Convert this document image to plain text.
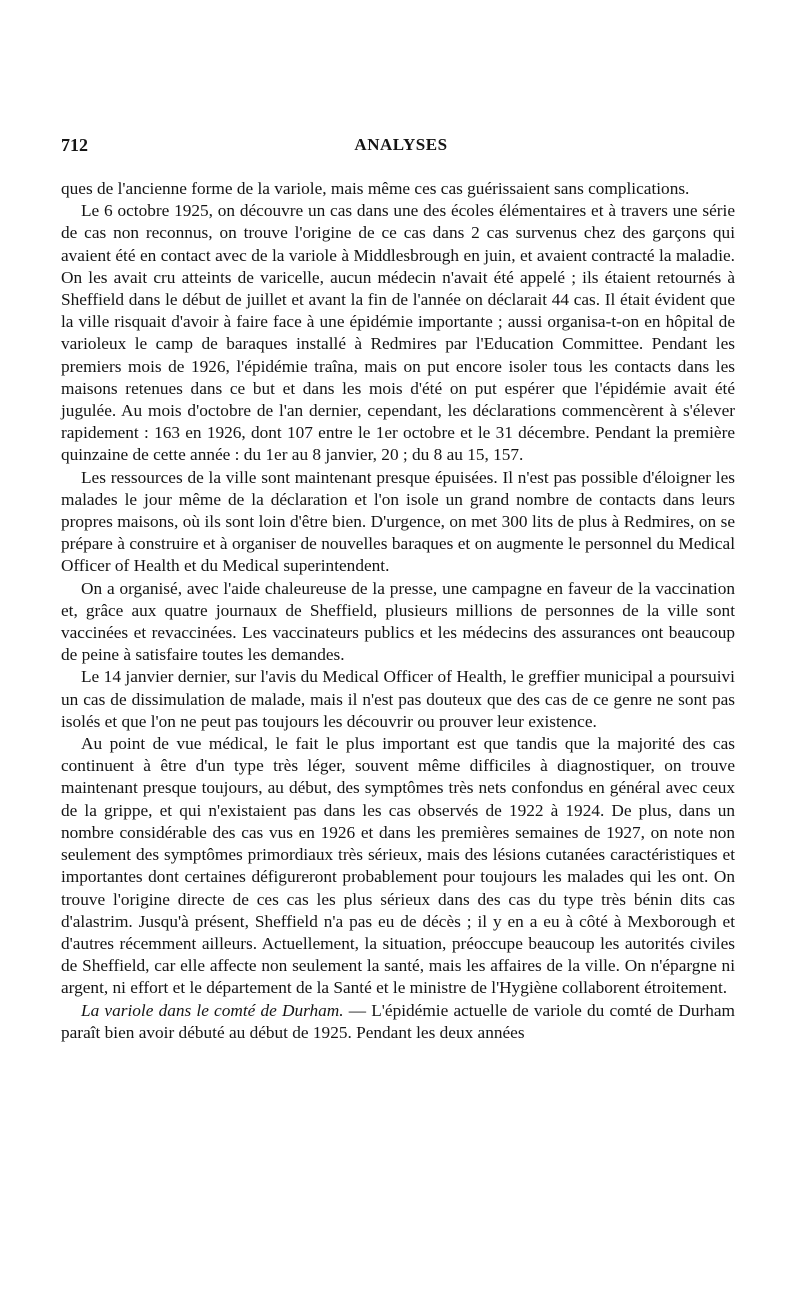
712	ANALYSES

ques de l'ancienne forme de la variole, mais même ces cas guérissaient sans complications.

Le 6 octobre 1925, on découvre un cas dans une des écoles élémentaires et à travers une série de cas non reconnus, on trouve l'origine de ce cas dans 2 cas survenus chez des garçons qui avaient été en contact avec de la variole à Middlesbrough en juin, et avaient contracté la maladie. On les avait cru atteints de varicelle, aucun médecin n'avait été appelé ; ils étaient retournés à Sheffield dans le début de juillet et avant la fin de l'année on déclarait 44 cas. Il était évident que la ville risquait d'avoir à faire face à une épidémie importante ; aussi organisa-t-on en hôpital de varioleux le camp de baraques installé à Redmires par l'Education Committee. Pendant les premiers mois de 1926, l'épidémie traîna, mais on put encore isoler tous les contacts dans les maisons retenues dans ce but et dans les mois d'été on put espérer que l'épidémie avait été jugulée. Au mois d'octobre de l'an dernier, cependant, les déclarations commencèrent à s'élever rapidement : 163 en 1926, dont 107 entre le 1er octobre et le 31 décembre. Pendant la première quinzaine de cette année : du 1er au 8 janvier, 20 ; du 8 au 15, 157.

Les ressources de la ville sont maintenant presque épuisées. Il n'est pas possible d'éloigner les malades le jour même de la déclaration et l'on isole un grand nombre de contacts dans leurs propres maisons, où ils sont loin d'être bien. D'urgence, on met 300 lits de plus à Redmires, on se prépare à construire et à organiser de nouvelles baraques et on augmente le personnel du Medical Officer of Health et du Medical superintendent.

On a organisé, avec l'aide chaleureuse de la presse, une campagne en faveur de la vaccination et, grâce aux quatre journaux de Sheffield, plusieurs millions de personnes de la ville sont vaccinées et revaccinées. Les vaccinateurs publics et les médecins des assurances ont beaucoup de peine à satisfaire toutes les demandes.

Le 14 janvier dernier, sur l'avis du Medical Officer of Health, le greffier municipal a poursuivi un cas de dissimulation de malade, mais il n'est pas douteux que des cas de ce genre ne sont pas isolés et que l'on ne peut pas toujours les découvrir ou prouver leur existence.

Au point de vue médical, le fait le plus important est que tandis que la majorité des cas continuent à être d'un type très léger, souvent même difficiles à diagnostiquer, on trouve maintenant presque toujours, au début, des symptômes très nets confondus en général avec ceux de la grippe, et qui n'existaient pas dans les cas observés de 1922 à 1924. De plus, dans un nombre considérable des cas vus en 1926 et dans les premières semaines de 1927, on note non seulement des symptômes primordiaux très sérieux, mais des lésions cutanées caractéristiques et importantes dont certaines défigureront probablement pour toujours les malades qui les ont. On trouve l'origine directe de ces cas les plus sérieux dans des cas du type très bénin dits cas d'alastrim. Jusqu'à présent, Sheffield n'a pas eu de décès ; il y en a eu à côté à Mexborough et d'autres récemment ailleurs. Actuellement, la situation, préoccupe beaucoup les autorités civiles de Sheffield, car elle affecte non seulement la santé, mais les affaires de la ville. On n'épargne ni argent, ni effort et le département de la Santé et le ministre de l'Hygiène collaborent étroitement.

La variole dans le comté de Durham. — L'épidémie actuelle de variole du comté de Durham paraît bien avoir débuté au début de 1925. Pendant les deux années
